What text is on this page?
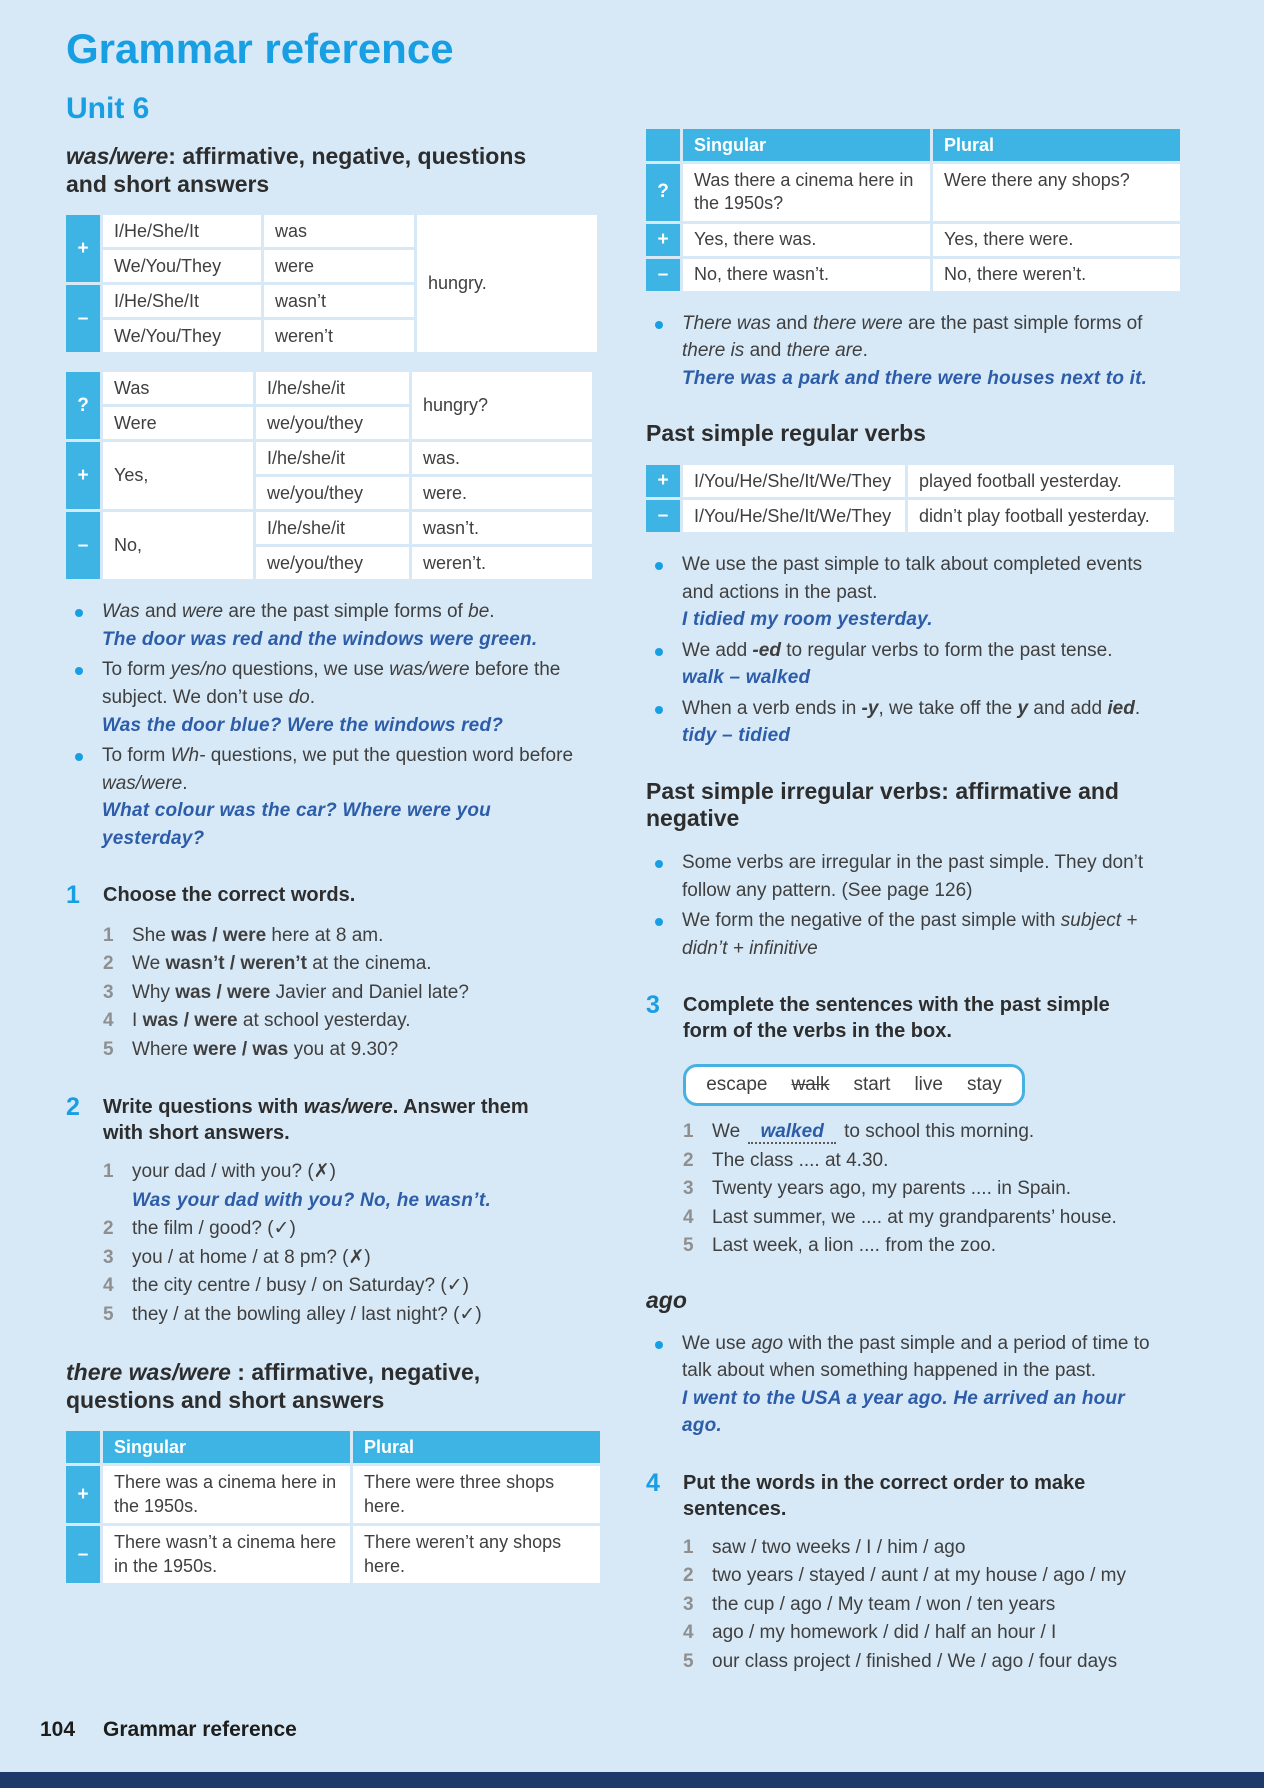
Grammar reference
Unit 6
was/were: affirmative, negative, questions and short answers
+	I/He/She/It	was	hungry.
	We/You/They	were	
–	I/He/She/It	wasn’t	
	We/You/They	weren’t	
?	Was	I/he/she/it	hungry?
	Were	we/you/they	
+	Yes,	I/he/she/it	was.
		we/you/they	were.
–	No,	I/he/she/it	wasn’t.
		we/you/they	weren’t.
Was and were are the past simple forms of be.
The door was red and the windows were green.
To form yes/no questions, we use was/were before the subject. We don’t use do.
Was the door blue? Were the windows red?
To form Wh- questions, we put the question word before was/were.
What colour was the car? Where were you yesterday?
1	Choose the correct words.
1 She was / were here at 8 am.
2 We wasn’t / weren’t at the cinema.
3 Why was / were Javier and Daniel late?
4 I was / were at school yesterday.
5 Where were / was you at 9.30?
2	Write questions with was/were. Answer them with short answers.
1 your dad / with you? (✗)
Was your dad with you? No, he wasn’t.
2 the film / good? (✓)
3 you / at home / at 8 pm? (✗)
4 the city centre / busy / on Saturday? (✓)
5 they / at the bowling alley / last night? (✓)
there was/were : affirmative, negative, questions and short answers
	Singular	Plural
+	There was a cinema here in the 1950s.	There were three shops here.
–	There wasn’t a cinema here in the 1950s.	There weren’t any shops here.
	Singular	Plural
?	Was there a cinema here in the 1950s?	Were there any shops?
+	Yes, there was.	Yes, there were.
–	No, there wasn’t.	No, there weren’t.
There was and there were are the past simple forms of there is and there are.
There was a park and there were houses next to it.
Past simple regular verbs
+	I/You/He/She/It/We/They	played football yesterday.
–	I/You/He/She/It/We/They	didn’t play football yesterday.
We use the past simple to talk about completed events and actions in the past.
I tidied my room yesterday.
We add -ed to regular verbs to form the past tense.
walk – walked
When a verb ends in -y, we take off the y and add ied.
tidy – tidied
Past simple irregular verbs: affirmative and negative
Some verbs are irregular in the past simple. They don’t follow any pattern. (See page 126)
We form the negative of the past simple with subject + didn’t + infinitive
3	Complete the sentences with the past simple form of the verbs in the box.
escape walk start live stay
1 We walked to school this morning.
2 The class .... at 4.30.
3 Twenty years ago, my parents .... in Spain.
4 Last summer, we .... at my grandparents’ house.
5 Last week, a lion .... from the zoo.
ago
We use ago with the past simple and a period of time to talk about when something happened in the past.
I went to the USA a year ago. He arrived an hour ago.
4	Put the words in the correct order to make sentences.
1 saw / two weeks / I / him / ago
2 two years / stayed / aunt / at my house / ago / my
3 the cup / ago / My team / won / ten years
4 ago / my homework / did / half an hour / I
5 our class project / finished / We / ago / four days
104 Grammar reference
